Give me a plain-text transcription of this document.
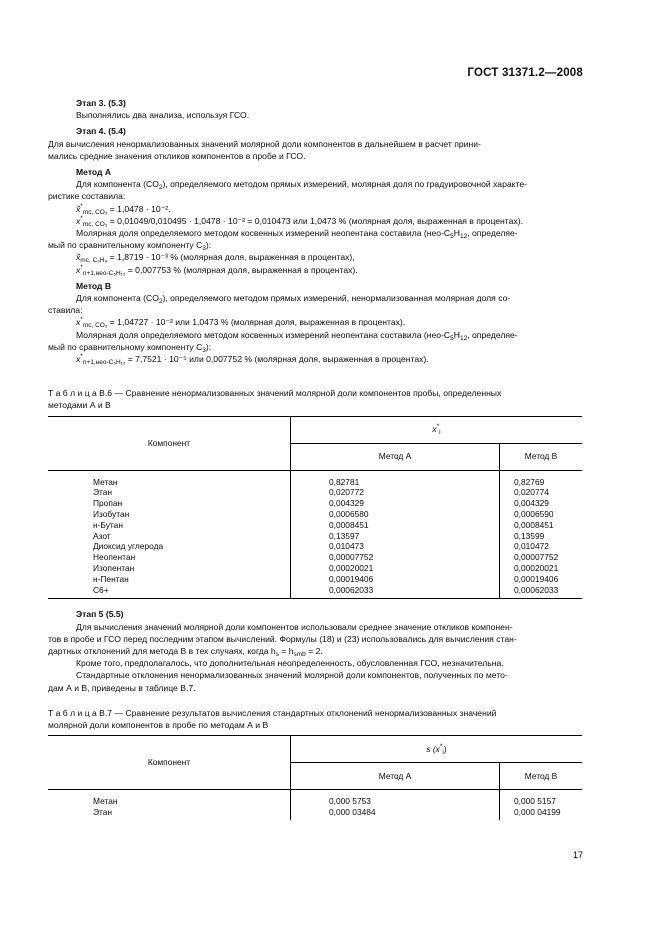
ГОСТ 31371.2—2008

Этап 3. (5.3)

Выполнялись два анализа, используя ГСО.

Этап 4. (5.4)

Для вычисления ненормализованных значений молярной доли компонентов в дальнейшем в расчет прини-

мались средние значения откликов компонентов в пробе и ГСО.

Метод А

Для компонента $(CO_2)$, определяемого методом прямых измерений, молярная доля по градуировочной характе-

ристике составила:

$x̂^*_{mc, CO_2} = 1,0478 \cdot 10^{-2}$.

$x^*_{mc, CO_2} = 0,01049/0,010495 \cdot 1,0478 \cdot 10^{-2} = 0,010473$ или 1,0473 % (молярная доля, выраженная в процентах).

Молярная доля определяемого методом косвенных измерений неопентана составила ($нео-C_5H_{12}$, определяе-

мый по сравнительному компоненту $C_3$):

$x̂_{mc, C_3H_8} = 1,8719 \cdot 10^{-3}$ % (молярная доля, выраженная в процентах),

$x^*_{n+1,нео-C_5H_{12}} = 0,007753$ % (молярная доля, выраженная в процентах).

Метод В

Для компонента $(CO_2)$, определяемого методом прямых измерений, ненормализованная молярная доля со-

ставила:

$x^*_{mc, CO_2} = 1,04727 \cdot 10^{-2}$ или 1,0473 % (молярная доля, выраженная в процентах).

Молярная доля определяемого методом косвенных измерений неопентана составила ($нео-C_5H_{12}$, определяе-

мый по сравнительному компоненту $C_3$):

$x^*_{n+1,нео-C_5H_{12}} = 7,7521 \cdot 10^{-5}$ или 0,007752 % (молярная доля, выраженная в процентах).

Т а б л и ц а В.6 — Сравнение ненормализованных значений молярной доли компонентов пробы, определенных

методами А и В

Компонент	$x^*_i$
	Метод А	Метод В
Метан	0,82781	0,82769
Этан	0,020772	0,020774
Пропан	0,004329	0,004329
Изобутан	0,0006580	0,0006590
н-Бутан	0,0008451	0,0008451
Азот	0,13597	0,13599
Диоксид углерода	0,010473	0,010472
Неопентан	0,00007752	0,00007752
Изопентан	0,00020021	0,00020021
н-Пентан	0,00019406	0,00019406
C6+	0,00062033	0,00062033

Этап 5 (5.5)

Для вычисления значений молярной доли компонентов использовали среднее значение откликов компонен-

тов в пробе и ГСО перед последним этапом вычислений. Формулы (18) и (23) использовались для вычисления стан-

дартных отклонений для метода В в тех случаях, когда $h_s = h_{smb} = 2$.

Кроме того, предполагалось, что дополнительная неопределенность, обусловленная ГСО, незначительна.

Стандартные отклонения ненормализованных значений молярной доли компонентов, полученных по мето-

дам А и В, приведены в таблице В.7.

Т а б л и ц а В.7 — Сравнение результатов вычисления стандартных отклонений ненормализованных значений

молярной доли компонентов в пробе по методам А и В

Компонент	s $(x^*_i)$	
	Метод А	Метод В
Метан	0,000 5753	0,000 5157
Этан	0,000 03484	0,000 04199
17
